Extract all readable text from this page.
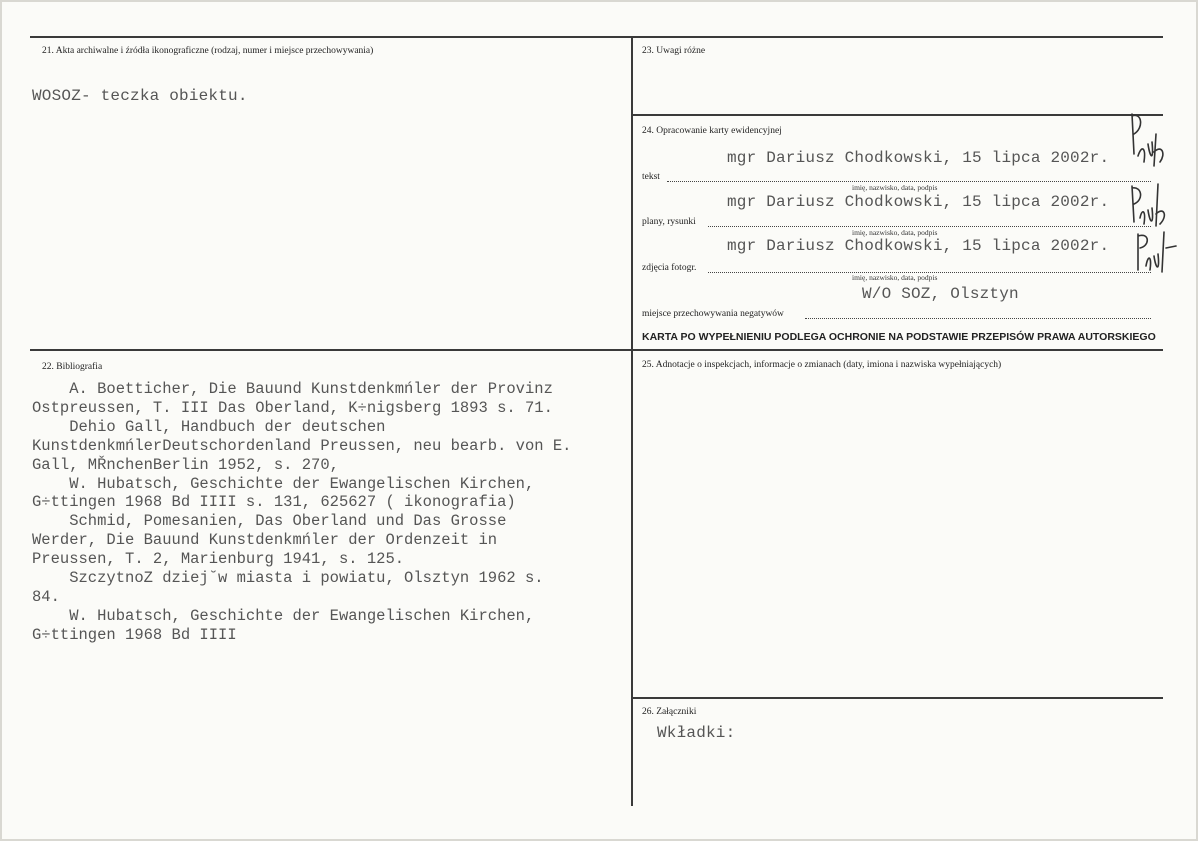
21. Akta archiwalne i źródła ikonograficzne (rodzaj, numer i miejsce przechowywania)
WOSOZ- teczka obiektu.
23. Uwagi różne
24. Opracowanie karty ewidencyjnej
mgr Dariusz Chodkowski, 15 lipca 2002r.
tekst
imię, nazwisko, data, podpis
mgr Dariusz Chodkowski, 15 lipca 2002r.
plany, rysunki
imię, nazwisko, data, podpis
mgr Dariusz Chodkowski, 15 lipca 2002r.
zdjęcia fotogr.
imię, nazwisko, data, podpis
W/O SOZ, Olsztyn
miejsce przechowywania negatywów
KARTA PO WYPEŁNIENIU PODLEGA OCHRONIE NA PODSTAWIE PRZEPISÓW PRAWA AUTORSKIEGO
22. Bibliografia
A. Boetticher, Die Bauund Kunstdenkmńler der Provinz
Ostpreussen, T. III Das Oberland, K÷nigsberg 1893 s. 71.
Dehio Gall, Handbuch der deutschen
KunstdenkmńlerDeutschordenland Preussen, neu bearb. von E.
Gall, MŘnchenBerlin 1952, s. 270,
W. Hubatsch, Geschichte der Ewangelischen Kirchen,
G÷ttingen 1968 Bd IIII s. 131, 625627 ( ikonografia)
Schmid, Pomesanien, Das Oberland und Das Grosse
Werder, Die Bauund Kunstdenkmńler der Ordenzeit in
Preussen, T. 2, Marienburg 1941, s. 125.
SzczytnoZ dziej˘w miasta i powiatu, Olsztyn 1962 s.
84.
W. Hubatsch, Geschichte der Ewangelischen Kirchen,
G÷ttingen 1968 Bd IIII
25. Adnotacje o inspekcjach, informacje o zmianach (daty, imiona i nazwiska wypełniających)
26. Załączniki
Wkładki:
